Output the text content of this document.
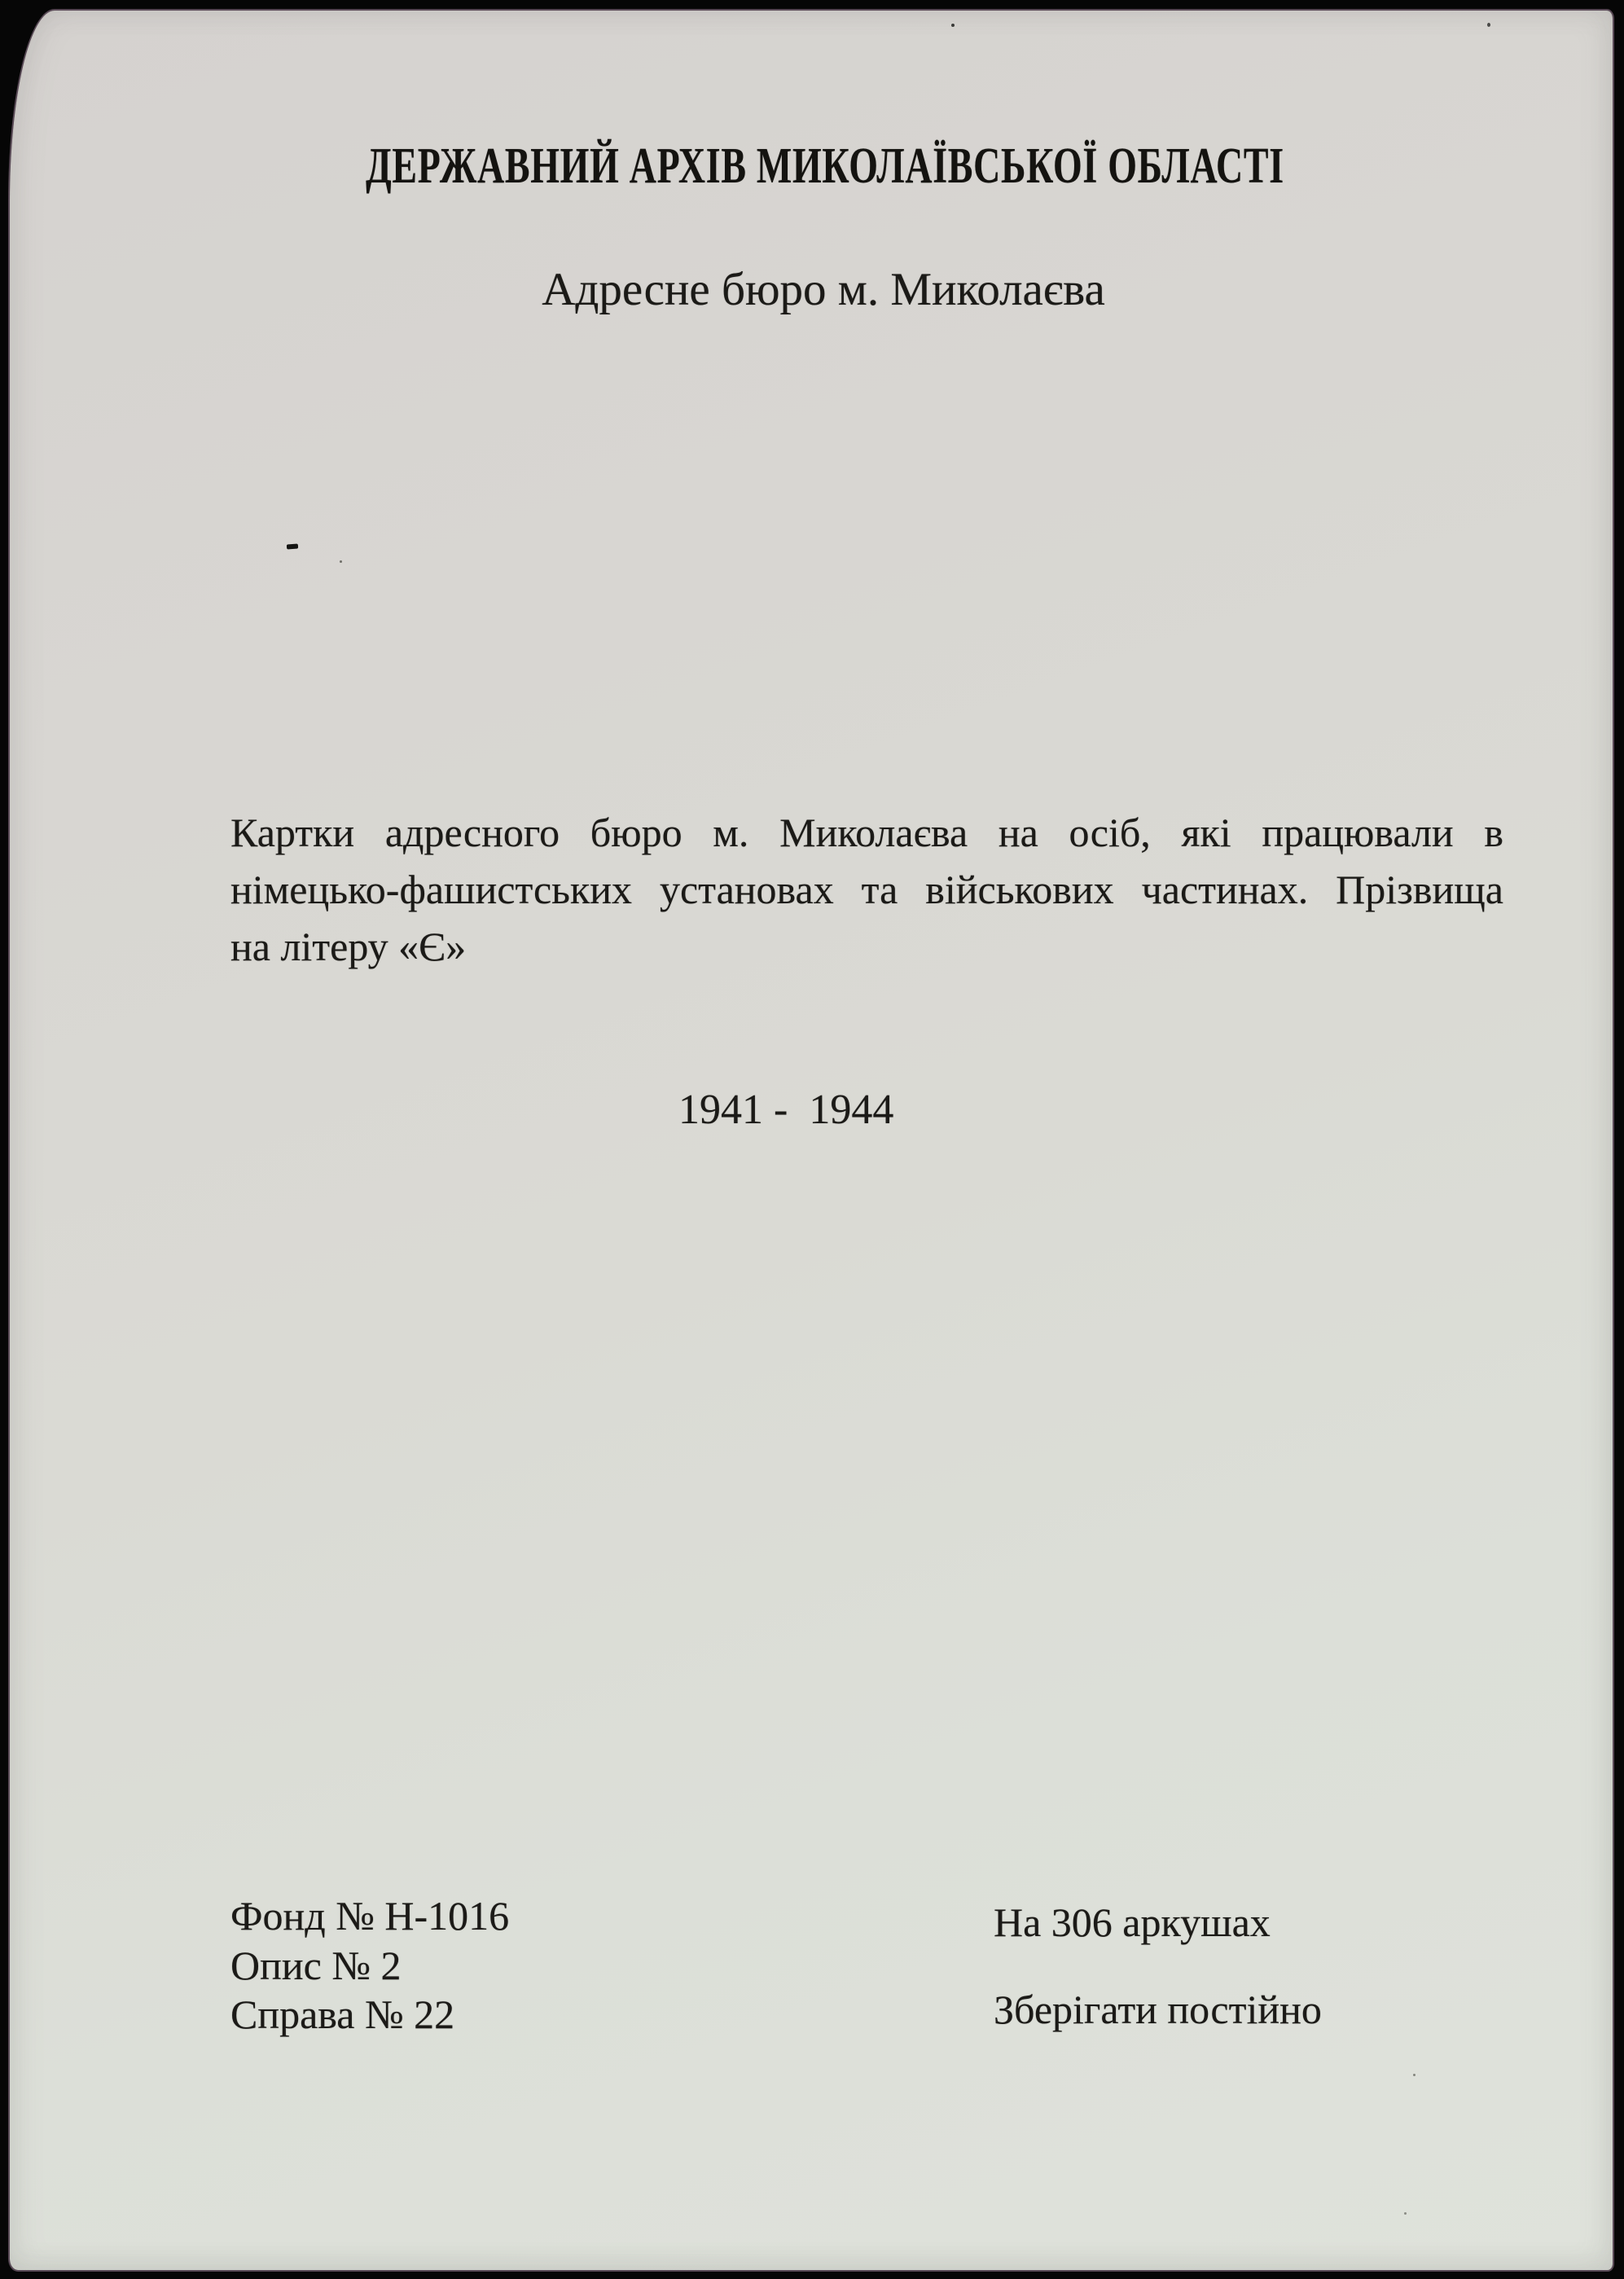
ДЕРЖАВНИЙ АРХІВ МИКОЛАЇВСЬКОЇ ОБЛАСТІ
Адресне бюро м. Миколаєва
Картки адресного бюро м. Миколаєва на осіб, які працювали в
німецько-фашистських установах та військових частинах. Прізвища
на літеру «Є»
1941 -  1944
Фонд № Н-1016
Опис № 2
Справа № 22
На 306 аркушах
Зберігати постійно
